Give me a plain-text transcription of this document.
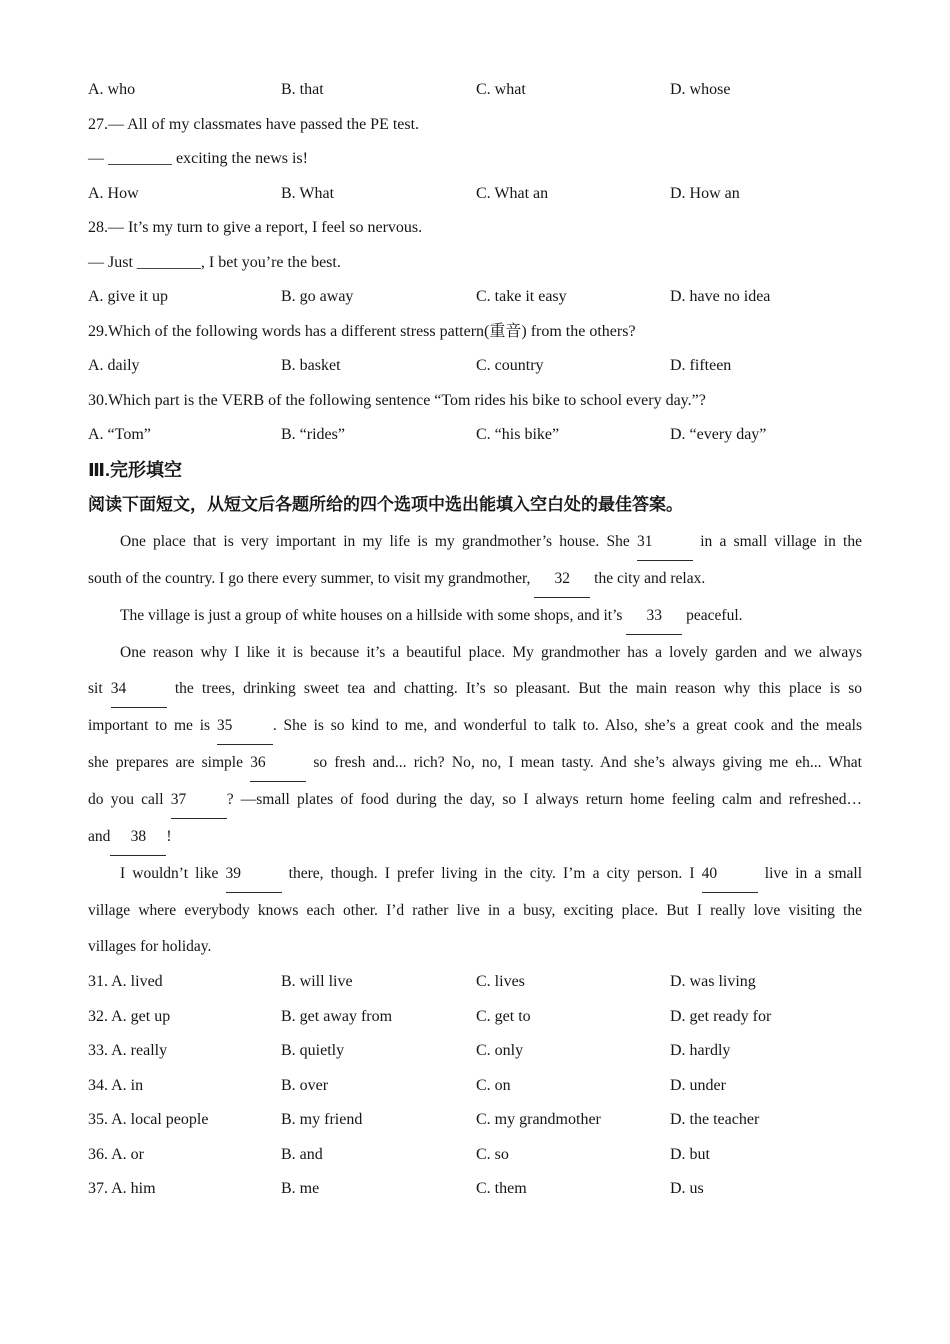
A. who	B. that	C. what	D. whose
27.— All of my classmates have passed the PE test.
— ________ exciting the news is!
A. How	B. What	C. What an	D. How an
28.— It’s my turn to give a report, I feel so nervous.
— Just ________, I bet you’re the best.
A. give it up	B. go away	C. take it easy	D. have no idea
29.Which of the following words has a different stress pattern(重音) from the others?
A. daily	B. basket	C. country	D. fifteen
30.Which part is the VERB of the following sentence “Tom rides his bike to school every day.”?
A. “Tom”	B. “rides”	C. “his bike”	D. “every day”
Ⅲ.完形填空

阅读下面短文，从短文后各题所给的四个选项中选出能填入空白处的最佳答案。

One place that is very important in my life is my grandmother’s house. She 31	in a small village in the
south of the country. I go there every summer, to visit my grandmother, 32 the city and relax.
The village is just a group of white houses on a hillside with some shops, and it’s 33 peaceful.
One reason why I like it is because it’s a beautiful place. My grandmother has a lovely garden and we always
sit 34	the trees, drinking sweet tea and chatting. It’s so pleasant. But the main reason why this place is so
important to me is 35	. She is so kind to me, and wonderful to talk to. Also, she’s a great cook and the meals
she prepares are simple 36	so fresh and... rich? No, no, I mean tasty. And she’s always giving me eh... What
do you call 37	? —small plates of food during the day, so I always return home feeling calm and refreshed…
and 38 !
I wouldn’t like 39	there, though. I prefer living in the city. I’m a city person. I 40	live in a small
village where everybody knows each other. I’d rather live in a busy, exciting place. But I really love visiting the
villages for holiday.
31. A. lived	B. will live	C. lives	D. was living
32. A. get up	B. get away from	C. get to	D. get ready for
33. A. really	B. quietly	C. only	D. hardly
34. A. in	B. over	C. on	D. under
35. A. local people	B. my friend	C. my grandmother	D. the teacher
36. A. or	B. and	C. so	D. but
37. A. him	B. me	C. them	D. us
